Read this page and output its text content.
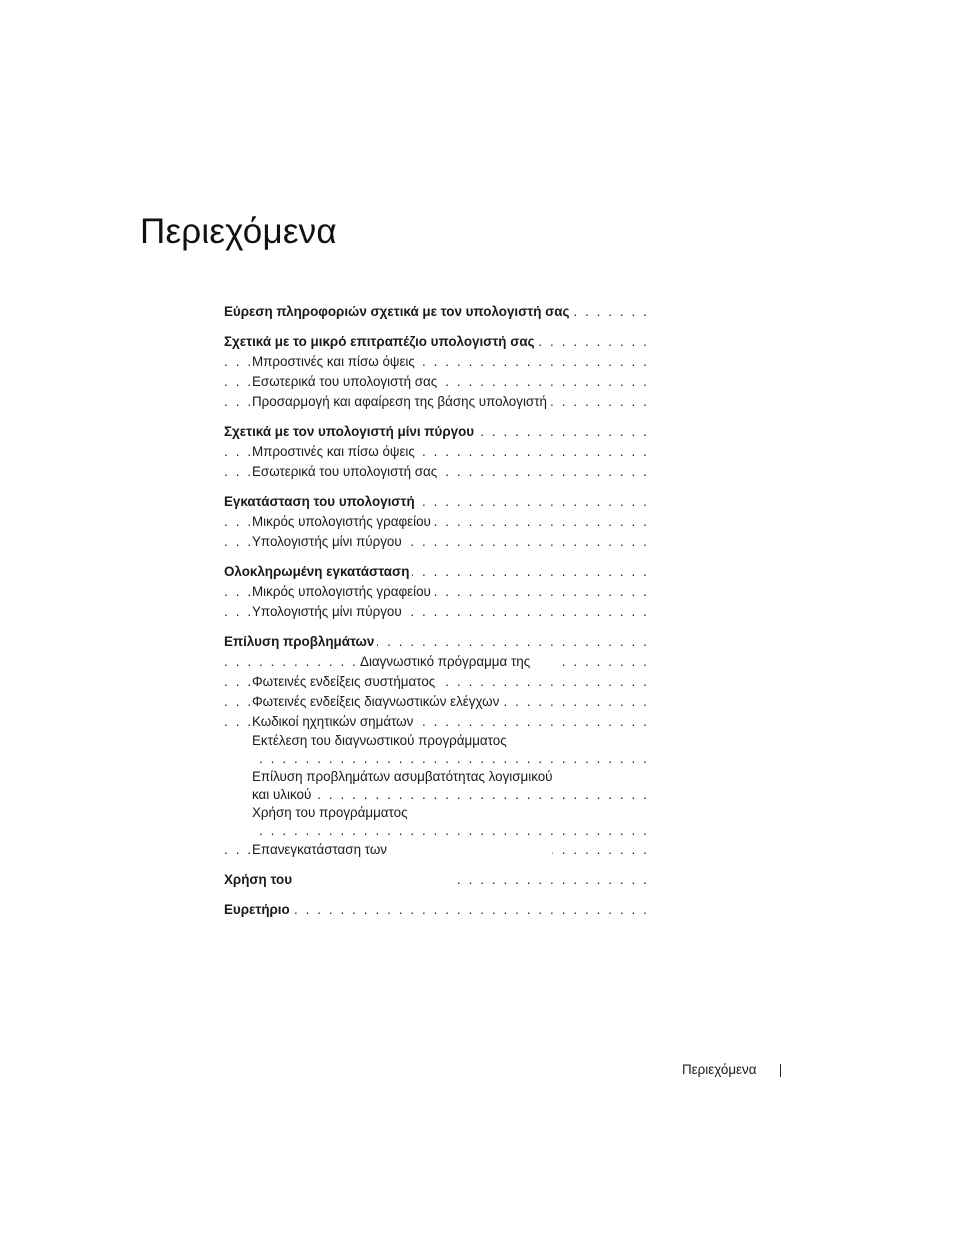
Περιεχόμενα
Εύρεση πληροφοριών σχετικά με τον υπολογιστή σας . . .
Σχετικά με το μικρό επιτραπέζιο υπολογιστή σας . . .
Μπροστινές και πίσω όψεις . . .
Εσωτερικά του υπολογιστή σας . . .
Προσαρμογή και αφαίρεση της βάσης υπολογιστή . . .
Σχετικά με τον υπολογιστή μίνι πύργου . . .
Μπροστινές και πίσω όψεις . . .
Εσωτερικά του υπολογιστή σας . . .
Εγκατάσταση του υπολογιστή . . .
Μικρός υπολογιστής γραφείου . . .
Υπολογιστής μίνι πύργου . . .
Ολοκληρωμένη εγκατάσταση . . .
Μικρός υπολογιστής γραφείου . . .
Υπολογιστής μίνι πύργου . . .
Επίλυση προβλημάτων . . .
Διαγνωστικό πρόγραμμα της . . .
Φωτεινές ενδείξεις συστήματος . . .
Φωτεινές ενδείξεις διαγνωστικών ελέγχων . . .
Κωδικοί ηχητικών σημάτων . . .
Εκτέλεση του διαγνωστικού προγράμματος
. . .
Επίλυση προβλημάτων ασυμβατότητας λογισμικού
και υλικού . . .
Χρήση του προγράμματος
. . .
Επανεγκατάσταση των . . .
Χρήση του . . .
Ευρετήριο . . .
Περιεχόμενα
